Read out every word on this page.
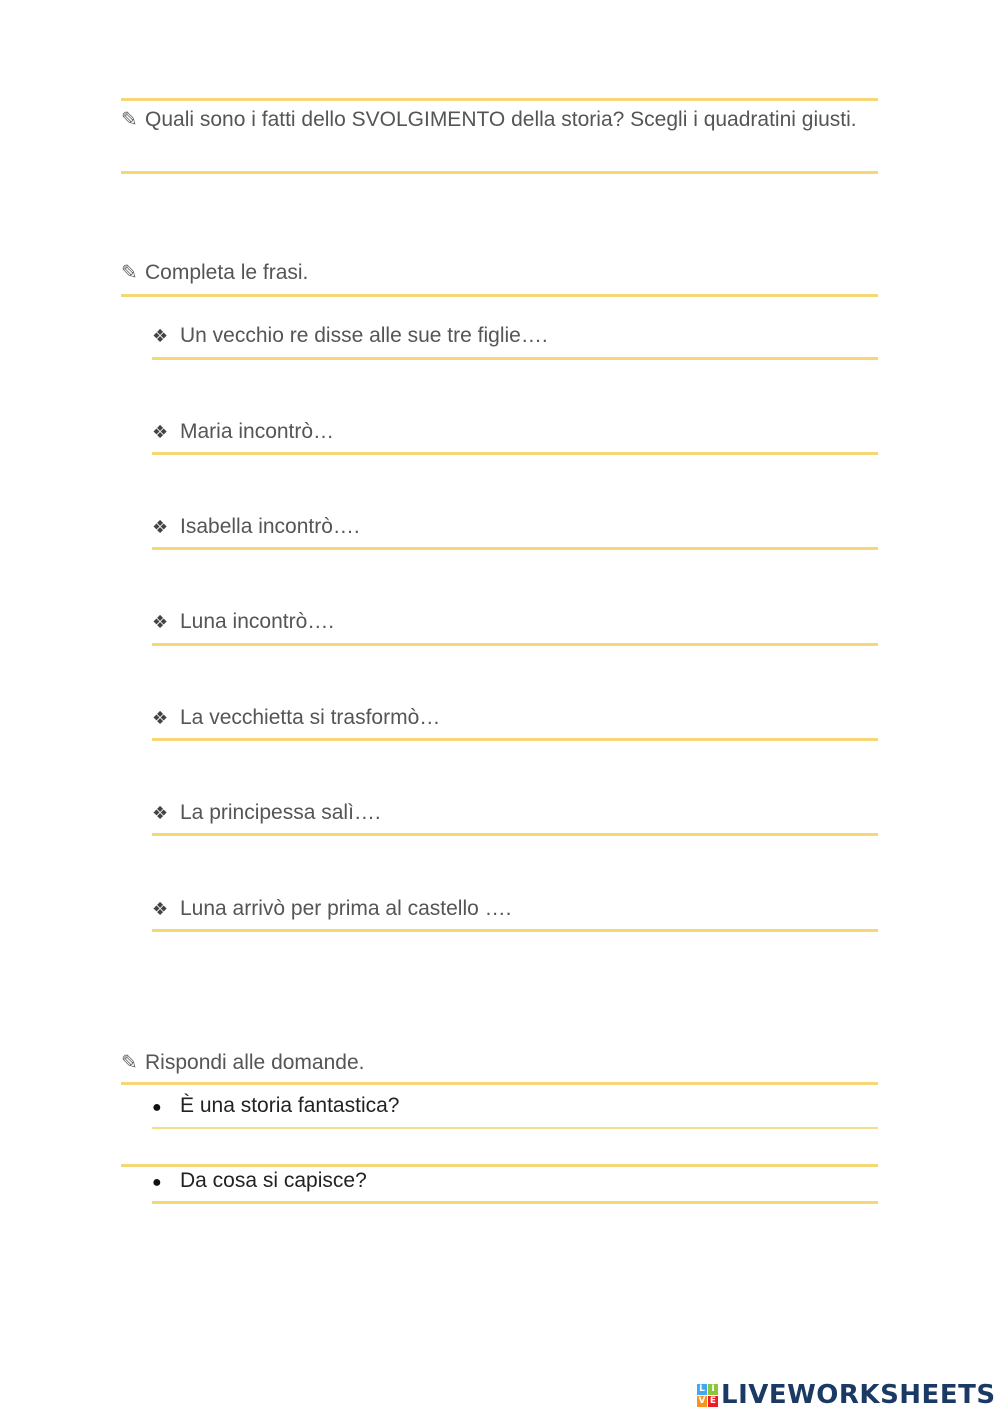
✎ Quali sono i fatti dello SVOLGIMENTO della storia? Scegli i quadratini giusti.
✎ Completa le frasi.
❖ Un vecchio re disse alle sue tre figlie….
❖ Maria incontrò…
❖ Isabella incontrò….
❖ Luna incontrò….
❖ La vecchietta si trasformò…
❖ La principessa salì….
❖ Luna arrivò per prima al castello ….
✎ Rispondi alle domande.
● È una storia fantastica?
● Da cosa si capisce?
L I
V E LIVEWORKSHEETS
